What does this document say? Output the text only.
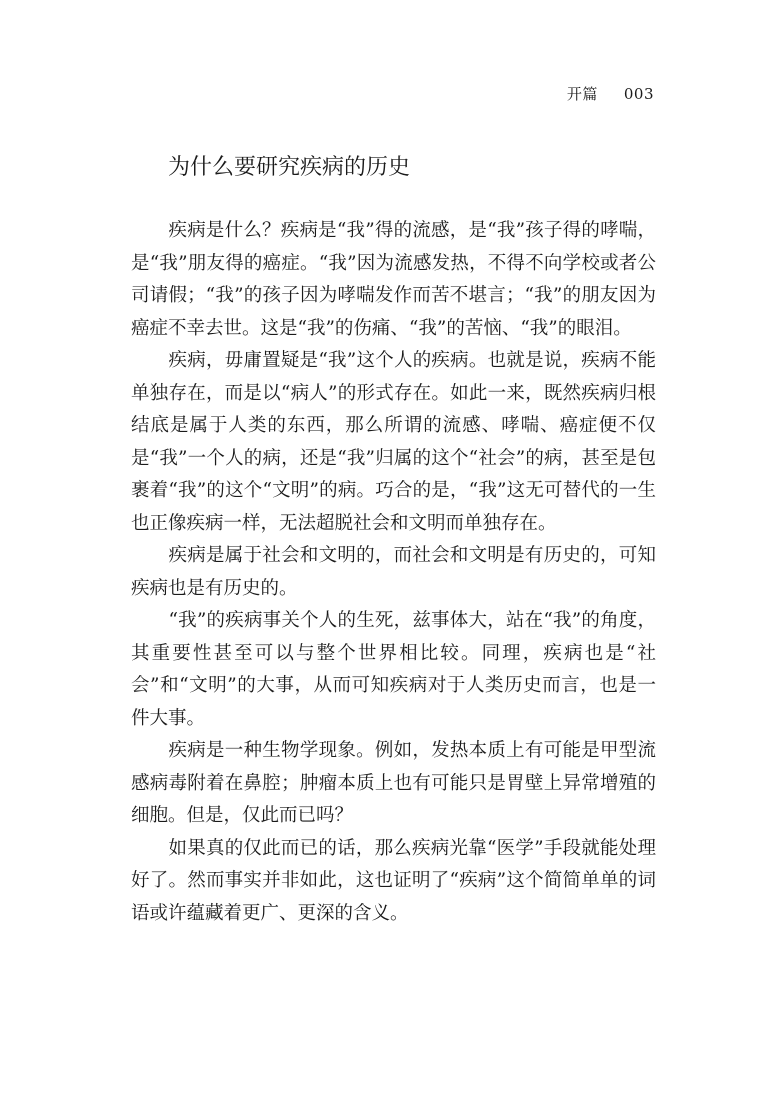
开篇 003
为什么要研究疾病的历史

疾病是什么？疾病是“我”得的流感，是“我”孩子得的哮喘，是“我”朋友得的癌症。“我”因为流感发热，不得不向学校或者公司请假；“我”的孩子因为哮喘发作而苦不堪言；“我”的朋友因为癌症不幸去世。这是“我”的伤痛、“我”的苦恼、“我”的眼泪。

疾病，毋庸置疑是“我”这个人的疾病。也就是说，疾病不能单独存在，而是以“病人”的形式存在。如此一来，既然疾病归根结底是属于人类的东西，那么所谓的流感、哮喘、癌症便不仅是“我”一个人的病，还是“我”归属的这个“社会”的病，甚至是包裹着“我”的这个“文明”的病。巧合的是，“我”这无可替代的一生也正像疾病一样，无法超脱社会和文明而单独存在。

疾病是属于社会和文明的，而社会和文明是有历史的，可知疾病也是有历史的。

“我”的疾病事关个人的生死，兹事体大，站在“我”的角度，其重要性甚至可以与整个世界相比较。同理，疾病也是“社会”和“文明”的大事，从而可知疾病对于人类历史而言，也是一件大事。

疾病是一种生物学现象。例如，发热本质上有可能是甲型流感病毒附着在鼻腔；肿瘤本质上也有可能只是胃壁上异常增殖的细胞。但是，仅此而已吗？

如果真的仅此而已的话，那么疾病光靠“医学”手段就能处理好了。然而事实并非如此，这也证明了“疾病”这个简简单单的词语或许蕴藏着更广、更深的含义。
